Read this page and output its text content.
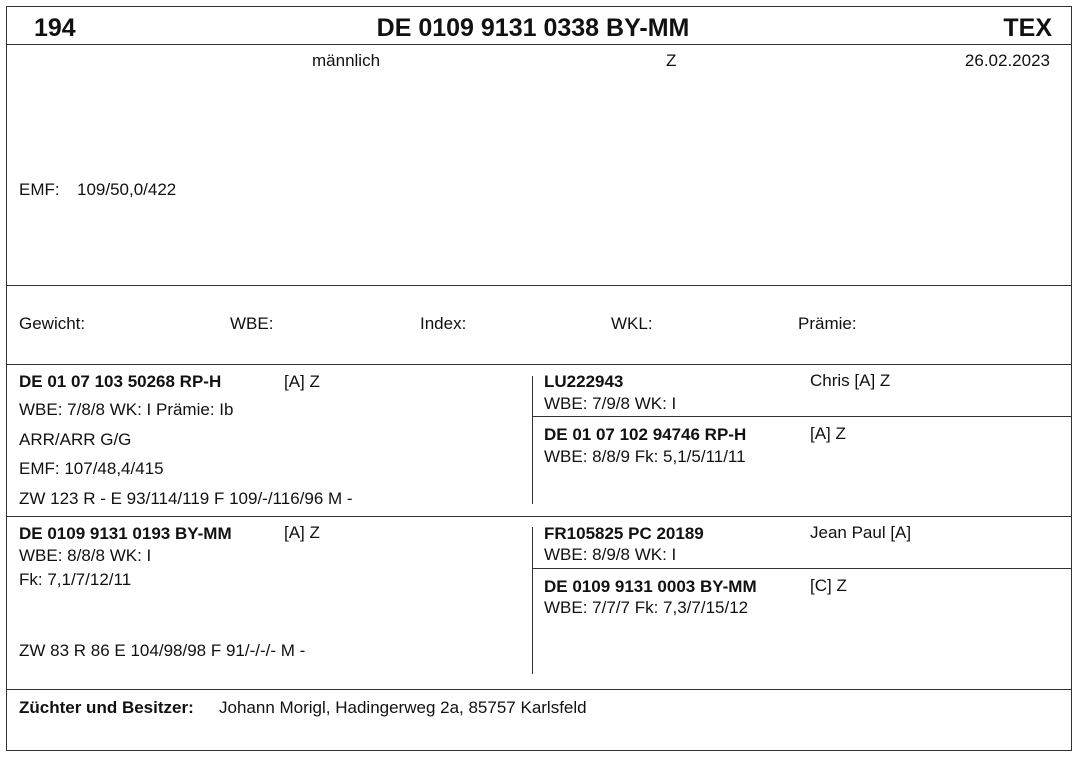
194	DE 0109 9131 0338 BY-MM	TEX
männlich	Z	26.02.2023
EMF: 109/50,0/422
Gewicht:	WBE:	Index:	WKL:	Prämie:
DE 01 07 103 50268 RP-H	[A] Z
WBE: 7/8/8 WK: I Prämie: Ib
ARR/ARR G/G
EMF: 107/48,4/415
ZW 123 R - E 93/114/119 F 109/-/116/96 M -
LU222943	Chris [A] Z
WBE: 7/9/8 WK: I
DE 01 07 102 94746 RP-H	[A] Z
WBE: 8/8/9 Fk: 5,1/5/11/11
DE 0109 9131 0193 BY-MM	[A] Z
WBE: 8/8/8 WK: I
Fk: 7,1/7/12/11
ZW 83 R 86 E 104/98/98 F 91/-/-/- M -
FR105825 PC 20189	Jean Paul [A]
WBE: 8/9/8 WK: I
DE 0109 9131 0003 BY-MM	[C] Z
WBE: 7/7/7 Fk: 7,3/7/15/12
Züchter und Besitzer: Johann Morigl, Hadingerweg 2a, 85757 Karlsfeld
